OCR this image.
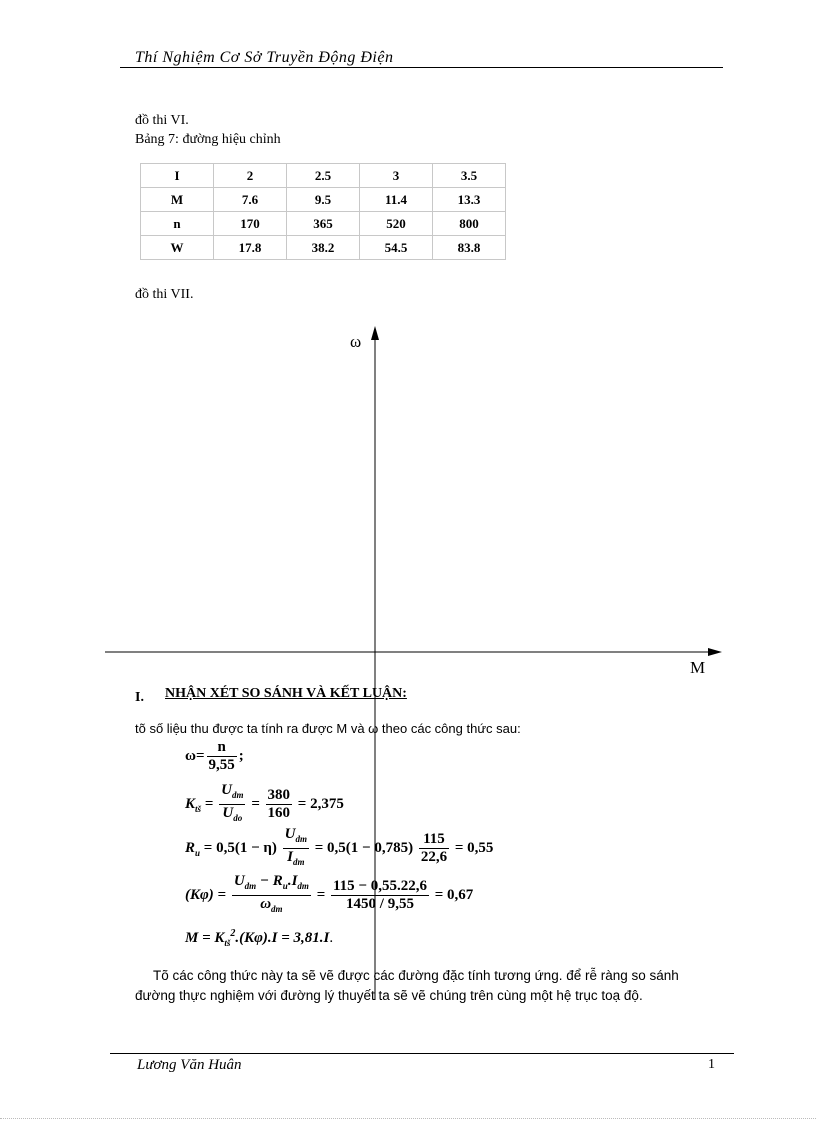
Thí Nghiệm Cơ Sở Truyền Động Điện
đồ thi VI.
Bảng 7: đường hiệu chỉnh
I	2	2.5	3	3.5
M	7.6	9.5	11.4	13.3
n	170	365	520	800
W	17.8	38.2	54.5	83.8
đồ thi VII.
ω
M
I. NHẬN XÉT SO SÁNH VÀ KẾT LUẬN:
tõ số liệu thu được ta tính ra được M và ω theo các công thức sau:
$\omega= \frac{n}{9,55}$ ;
$K_{tš} = \frac{U_{dm}}{U_{do}} = \frac{380}{160} = 2,375$
$R_u = 0,5(1 - \eta) \frac{U_{dm}}{I_{dm}} = 0,5(1 - 0,785) \frac{115}{22,6} = 0,55$
$(K\varphi) = \frac{U_{dm} - R_u.I_{dm}}{\omega_{dm}} = \frac{115 - 0,55.22,6}{1450 / 9,55} = 0,67$
$M = K_{tš}^2.(K\varphi).I = 3,81.I$.
Tõ các công thức này ta sẽ vẽ được các đường đặc tính tương ứng. để rễ ràng so sánh đường thực nghiệm với đường lý thuyết ta sẽ vẽ chúng trên cùng một hệ trục toạ độ.
Lương Văn Huân	1
